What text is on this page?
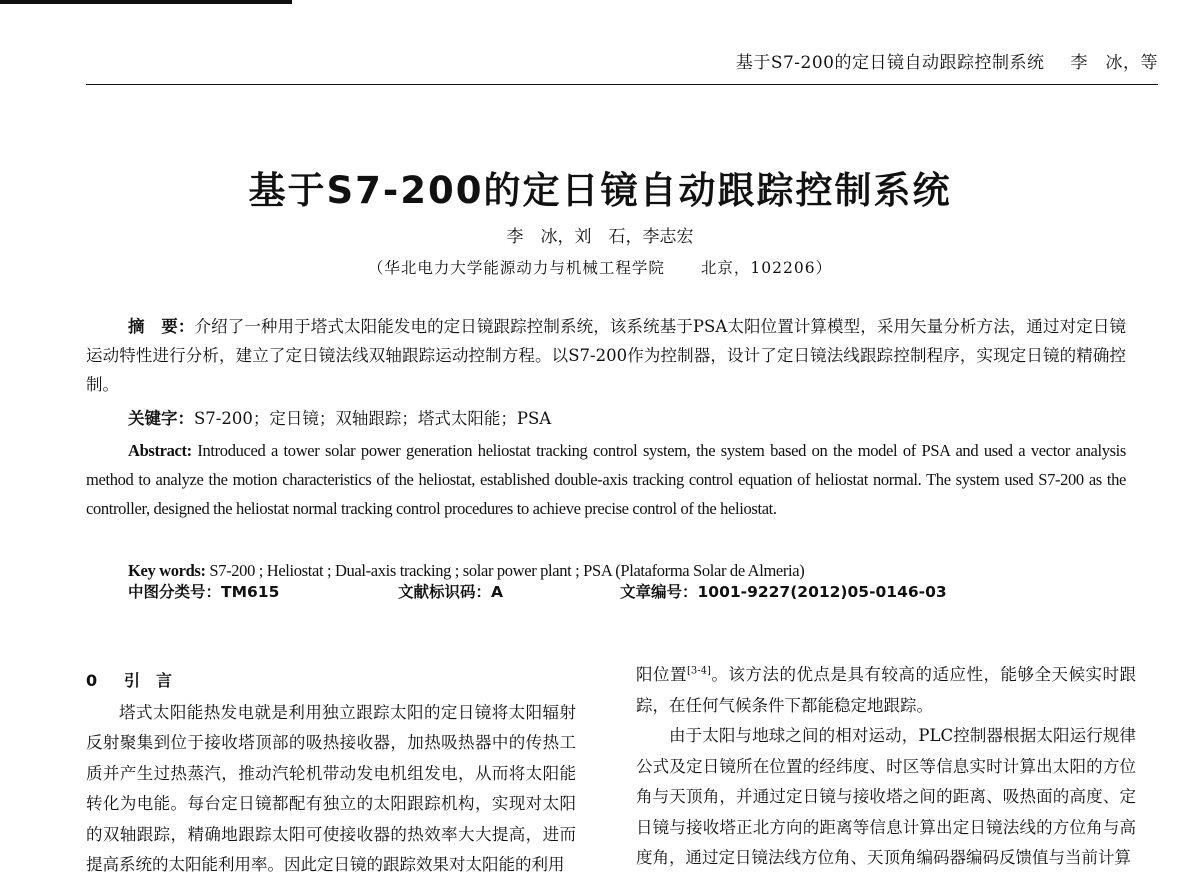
基于S7-200的定日镜自动跟踪控制系统 李　冰，等
基于S7-200的定日镜自动跟踪控制系统
李　冰，刘　石，李志宏
（华北电力大学能源动力与机械工程学院 北京，102206）
摘　要：介绍了一种用于塔式太阳能发电的定日镜跟踪控制系统，该系统基于PSA太阳位置计算模型，采用矢量分析方法，通过对定日镜运动特性进行分析，建立了定日镜法线双轴跟踪运动控制方程。以S7-200作为控制器，设计了定日镜法线跟踪控制程序，实现定日镜的精确控制。
关键字：S7-200；定日镜；双轴跟踪；塔式太阳能；PSA
Abstract: Introduced a tower solar power generation heliostat tracking control system, the system based on the model of PSA and used a vector analysis method to analyze the motion characteristics of the heliostat, established double-axis tracking control equation of heliostat normal. The system used S7-200 as the controller, designed the heliostat normal tracking control procedures to achieve precise control of the heliostat.
Key words: S7-200 ; Heliostat ; Dual-axis tracking ; solar power plant ; PSA (Plataforma Solar de Almeria)
中图分类号：TM615	文献标识码：A	文章编号：1001-9227(2012)05-0146-03
0 引　言
塔式太阳能热发电就是利用独立跟踪太阳的定日镜将太阳辐射反射聚集到位于接收塔顶部的吸热接收器，加热吸热器中的传热工质并产生过热蒸汽，推动汽轮机带动发电机组发电，从而将太阳能转化为电能。每台定日镜都配有独立的太阳跟踪机构，实现对太阳的双轴跟踪，精确地跟踪太阳可使接收器的热效率大大提高，进而提高系统的太阳能利用率。因此定日镜的跟踪效果对太阳能的利用
阳位置[3-4]。该方法的优点是具有较高的适应性，能够全天候实时跟踪，在任何气候条件下都能稳定地跟踪。
由于太阳与地球之间的相对运动，PLC控制器根据太阳运行规律公式及定日镜所在位置的经纬度、时区等信息实时计算出太阳的方位角与天顶角，并通过定日镜与接收塔之间的距离、吸热面的高度、定日镜与接收塔正北方向的距离等信息计算出定日镜法线的方位角与高度角，通过定日镜法线方位角、天顶角编码器编码反馈值与当前计算
